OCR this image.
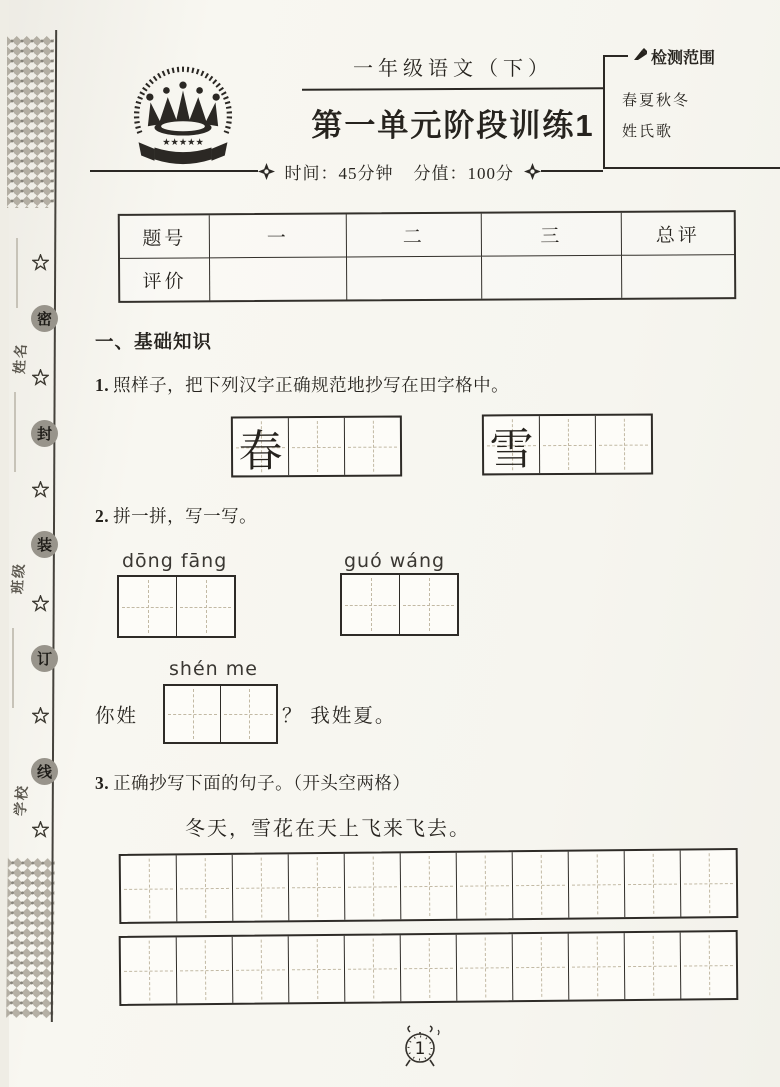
密
封
装
订
线
姓名
班级
学校
★★★★★
一年级语文（下）
第一单元阶段训练1
检测范围
春夏秋冬
姓氏歌
时间：45分钟	分值：100分
题号	一	二	三	总评
评价
一、基础知识
1. 照样子，把下列汉字正确规范地抄写在田字格中。
春	雪
2. 拼一拼，写一写。
dōng fāng	guó wáng
shén me
你姓	？ 我姓夏。
3. 正确抄写下面的句子。（开头空两格）
冬天，雪花在天上飞来飞去。
1
